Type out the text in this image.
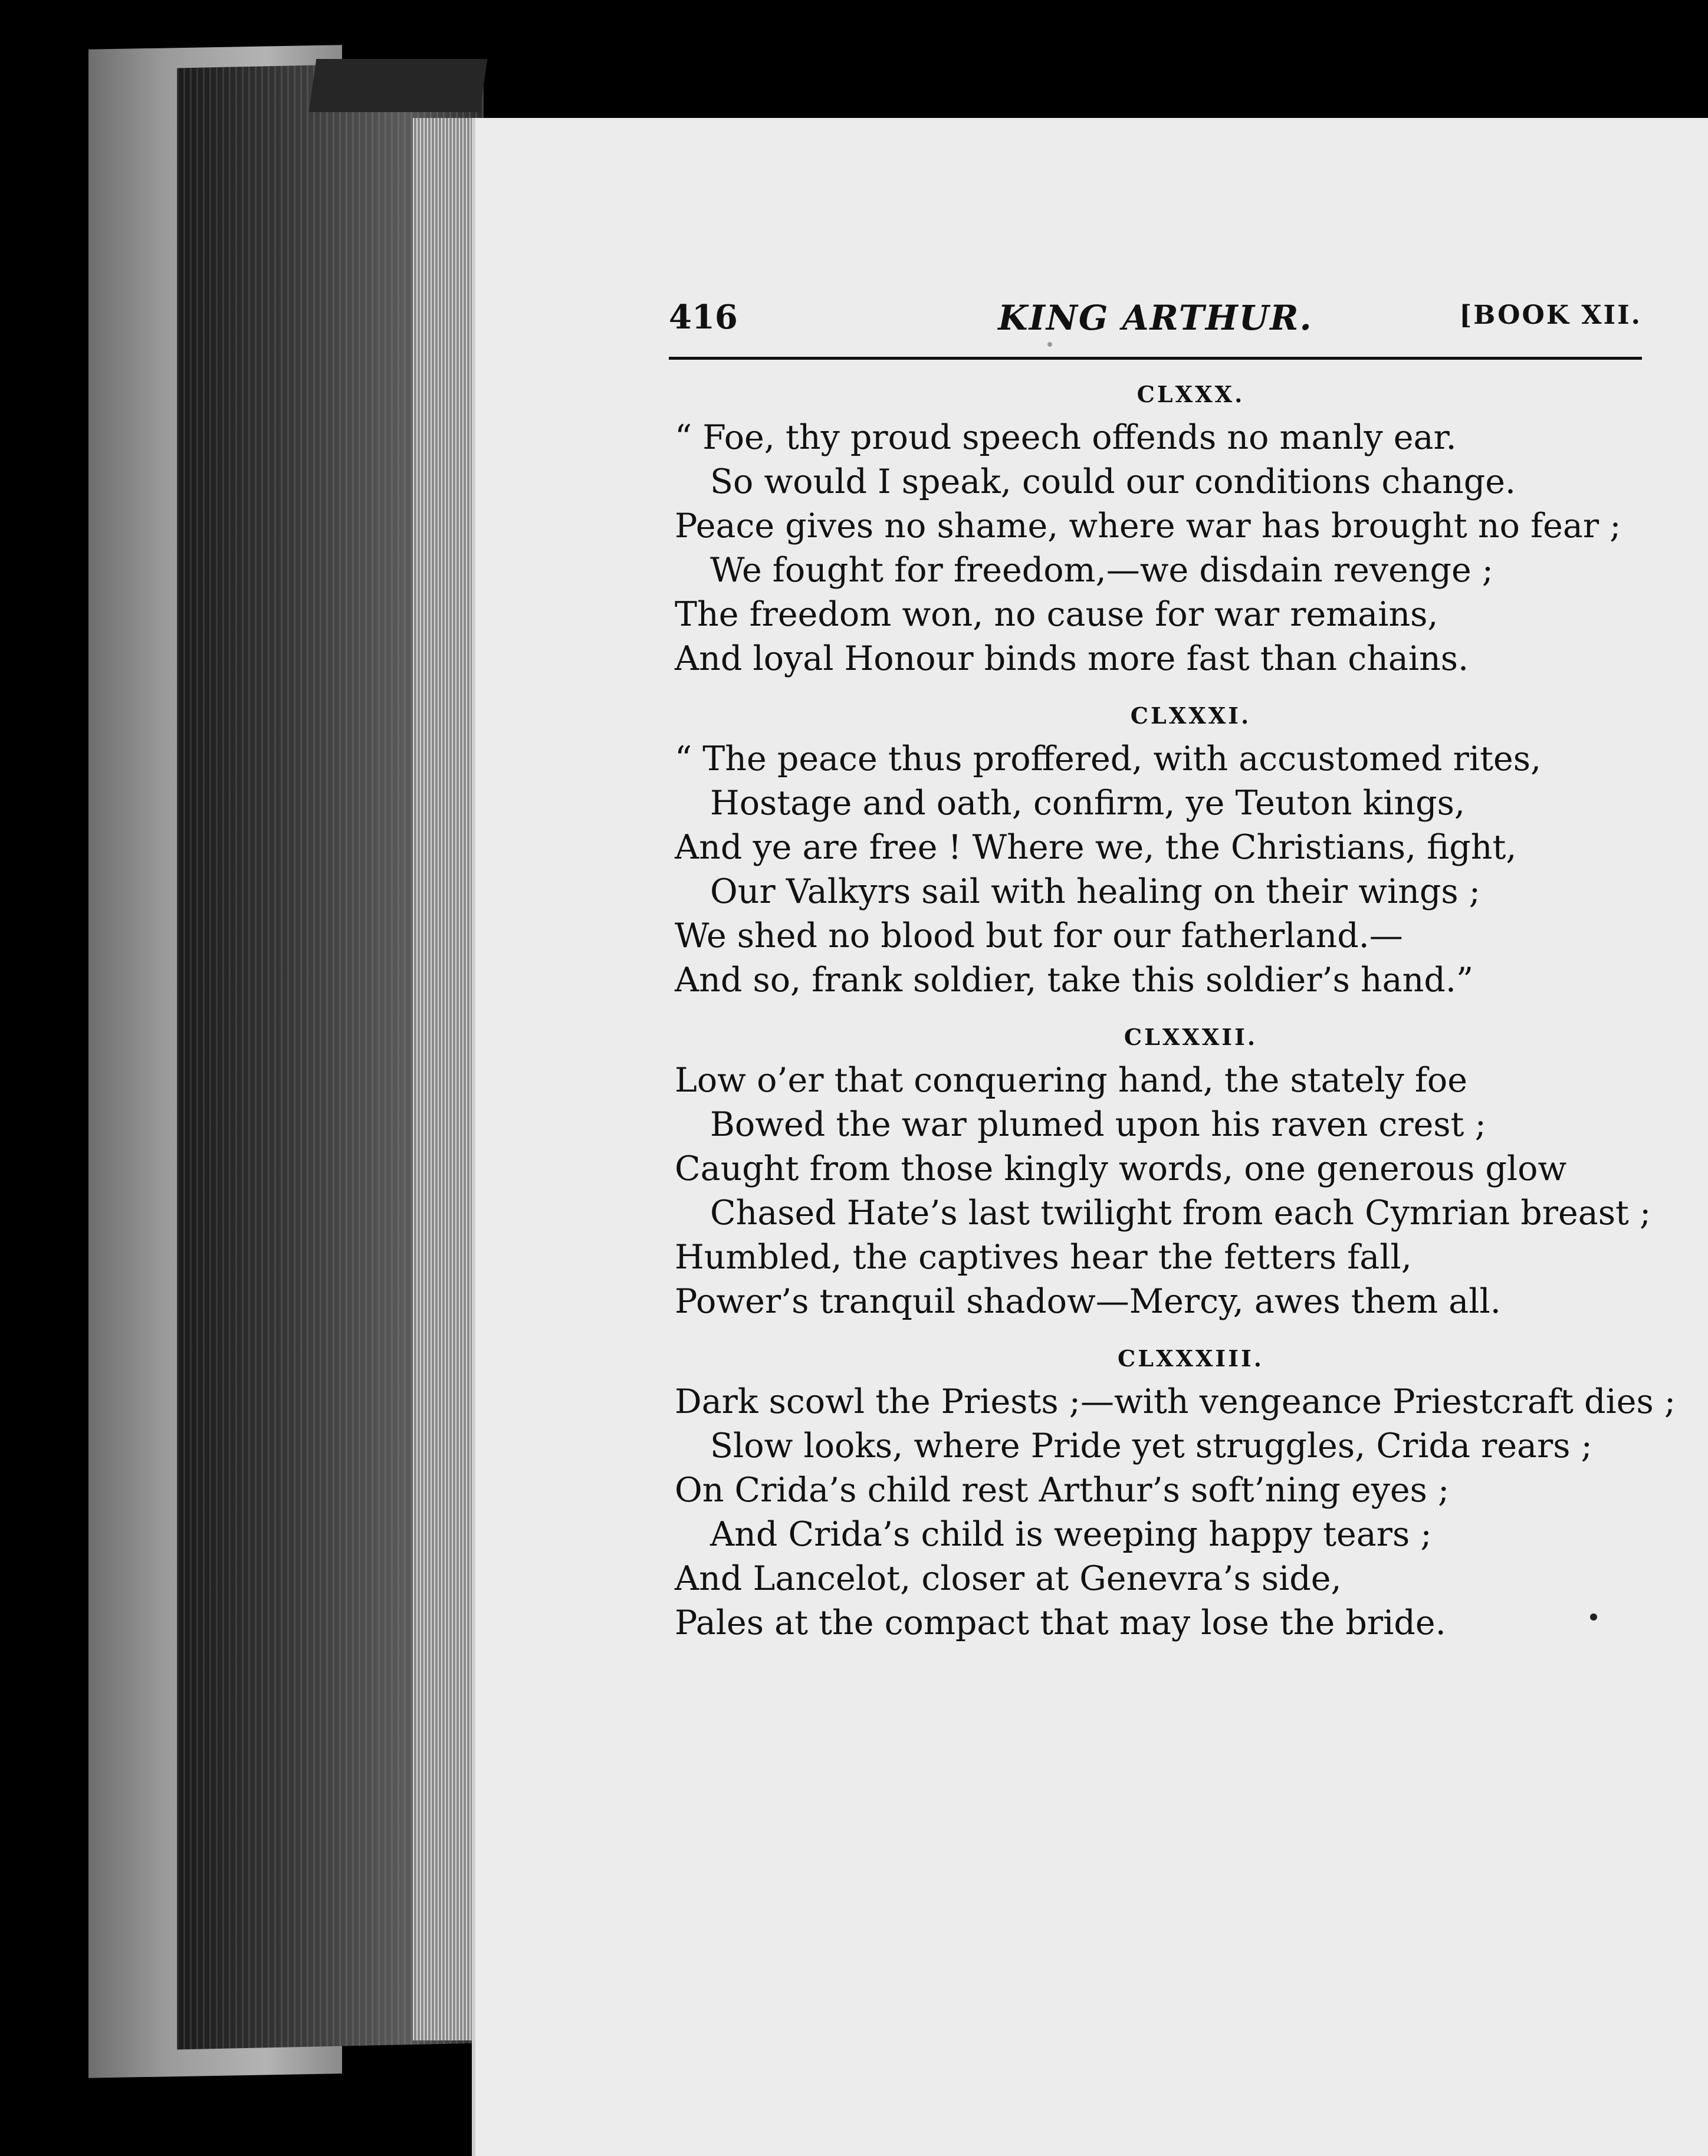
416	KING ARTHUR.	[BOOK XII.
CLXXX.
“ Foe, thy proud speech offends no manly ear.
So would I speak, could our conditions change.
Peace gives no shame, where war has brought no fear ;
We fought for freedom,—we disdain revenge ;
The freedom won, no cause for war remains,
And loyal Honour binds more fast than chains.
CLXXXI.
“ The peace thus proffered, with accustomed rites,
Hostage and oath, confirm, ye Teuton kings,
And ye are free ! Where we, the Christians, fight,
Our Valkyrs sail with healing on their wings ;
We shed no blood but for our fatherland.—
And so, frank soldier, take this soldier’s hand.”
CLXXXII.
Low o’er that conquering hand, the stately foe
Bowed the war plumed upon his raven crest ;
Caught from those kingly words, one generous glow
Chased Hate’s last twilight from each Cymrian breast ;
Humbled, the captives hear the fetters fall,
Power’s tranquil shadow—Mercy, awes them all.
CLXXXIII.
Dark scowl the Priests ;—with vengeance Priestcraft dies ;
Slow looks, where Pride yet struggles, Crida rears ;
On Crida’s child rest Arthur’s soft’ning eyes ;
And Crida’s child is weeping happy tears ;
And Lancelot, closer at Genevra’s side,
Pales at the compact that may lose the bride.
